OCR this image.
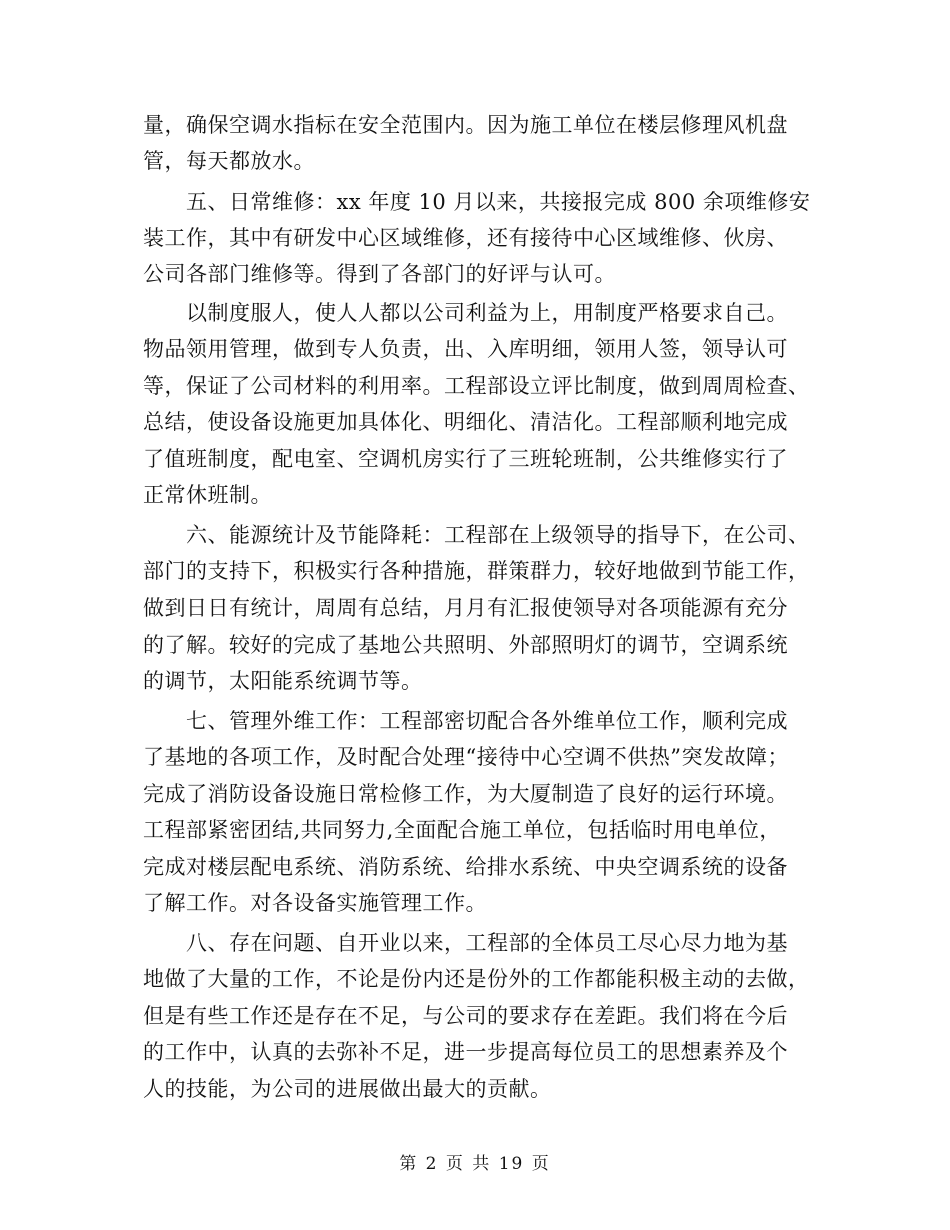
量，确保空调水指标在安全范围内。因为施工单位在楼层修理风机盘
管，每天都放水。
　　五、日常维修：xx 年度 10 月以来，共接报完成 800 余项维修安
装工作，其中有研发中心区域维修，还有接待中心区域维修、伙房、
公司各部门维修等。得到了各部门的好评与认可。
　　以制度服人，使人人都以公司利益为上，用制度严格要求自己。
物品领用管理，做到专人负责，出、入库明细，领用人签，领导认可
等，保证了公司材料的利用率。工程部设立评比制度，做到周周检查、
总结，使设备设施更加具体化、明细化、清洁化。工程部顺利地完成
了值班制度，配电室、空调机房实行了三班轮班制，公共维修实行了
正常休班制。
　　六、能源统计及节能降耗：工程部在上级领导的指导下，在公司、
部门的支持下，积极实行各种措施，群策群力，较好地做到节能工作，
做到日日有统计，周周有总结，月月有汇报使领导对各项能源有充分
的了解。较好的完成了基地公共照明、外部照明灯的调节，空调系统
的调节，太阳能系统调节等。
　　七、管理外维工作：工程部密切配合各外维单位工作，顺利完成
了基地的各项工作，及时配合处理“接待中心空调不供热”突发故障；
完成了消防设备设施日常检修工作，为大厦制造了良好的运行环境。
工程部紧密团结,共同努力,全面配合施工单位，包括临时用电单位，
完成对楼层配电系统、消防系统、给排水系统、中央空调系统的设备
了解工作。对各设备实施管理工作。
　　八、存在问题、自开业以来，工程部的全体员工尽心尽力地为基
地做了大量的工作，不论是份内还是份外的工作都能积极主动的去做，
但是有些工作还是存在不足，与公司的要求存在差距。我们将在今后
的工作中，认真的去弥补不足，进一步提高每位员工的思想素养及个
人的技能，为公司的进展做出最大的贡献。
第 2 页 共 19 页
